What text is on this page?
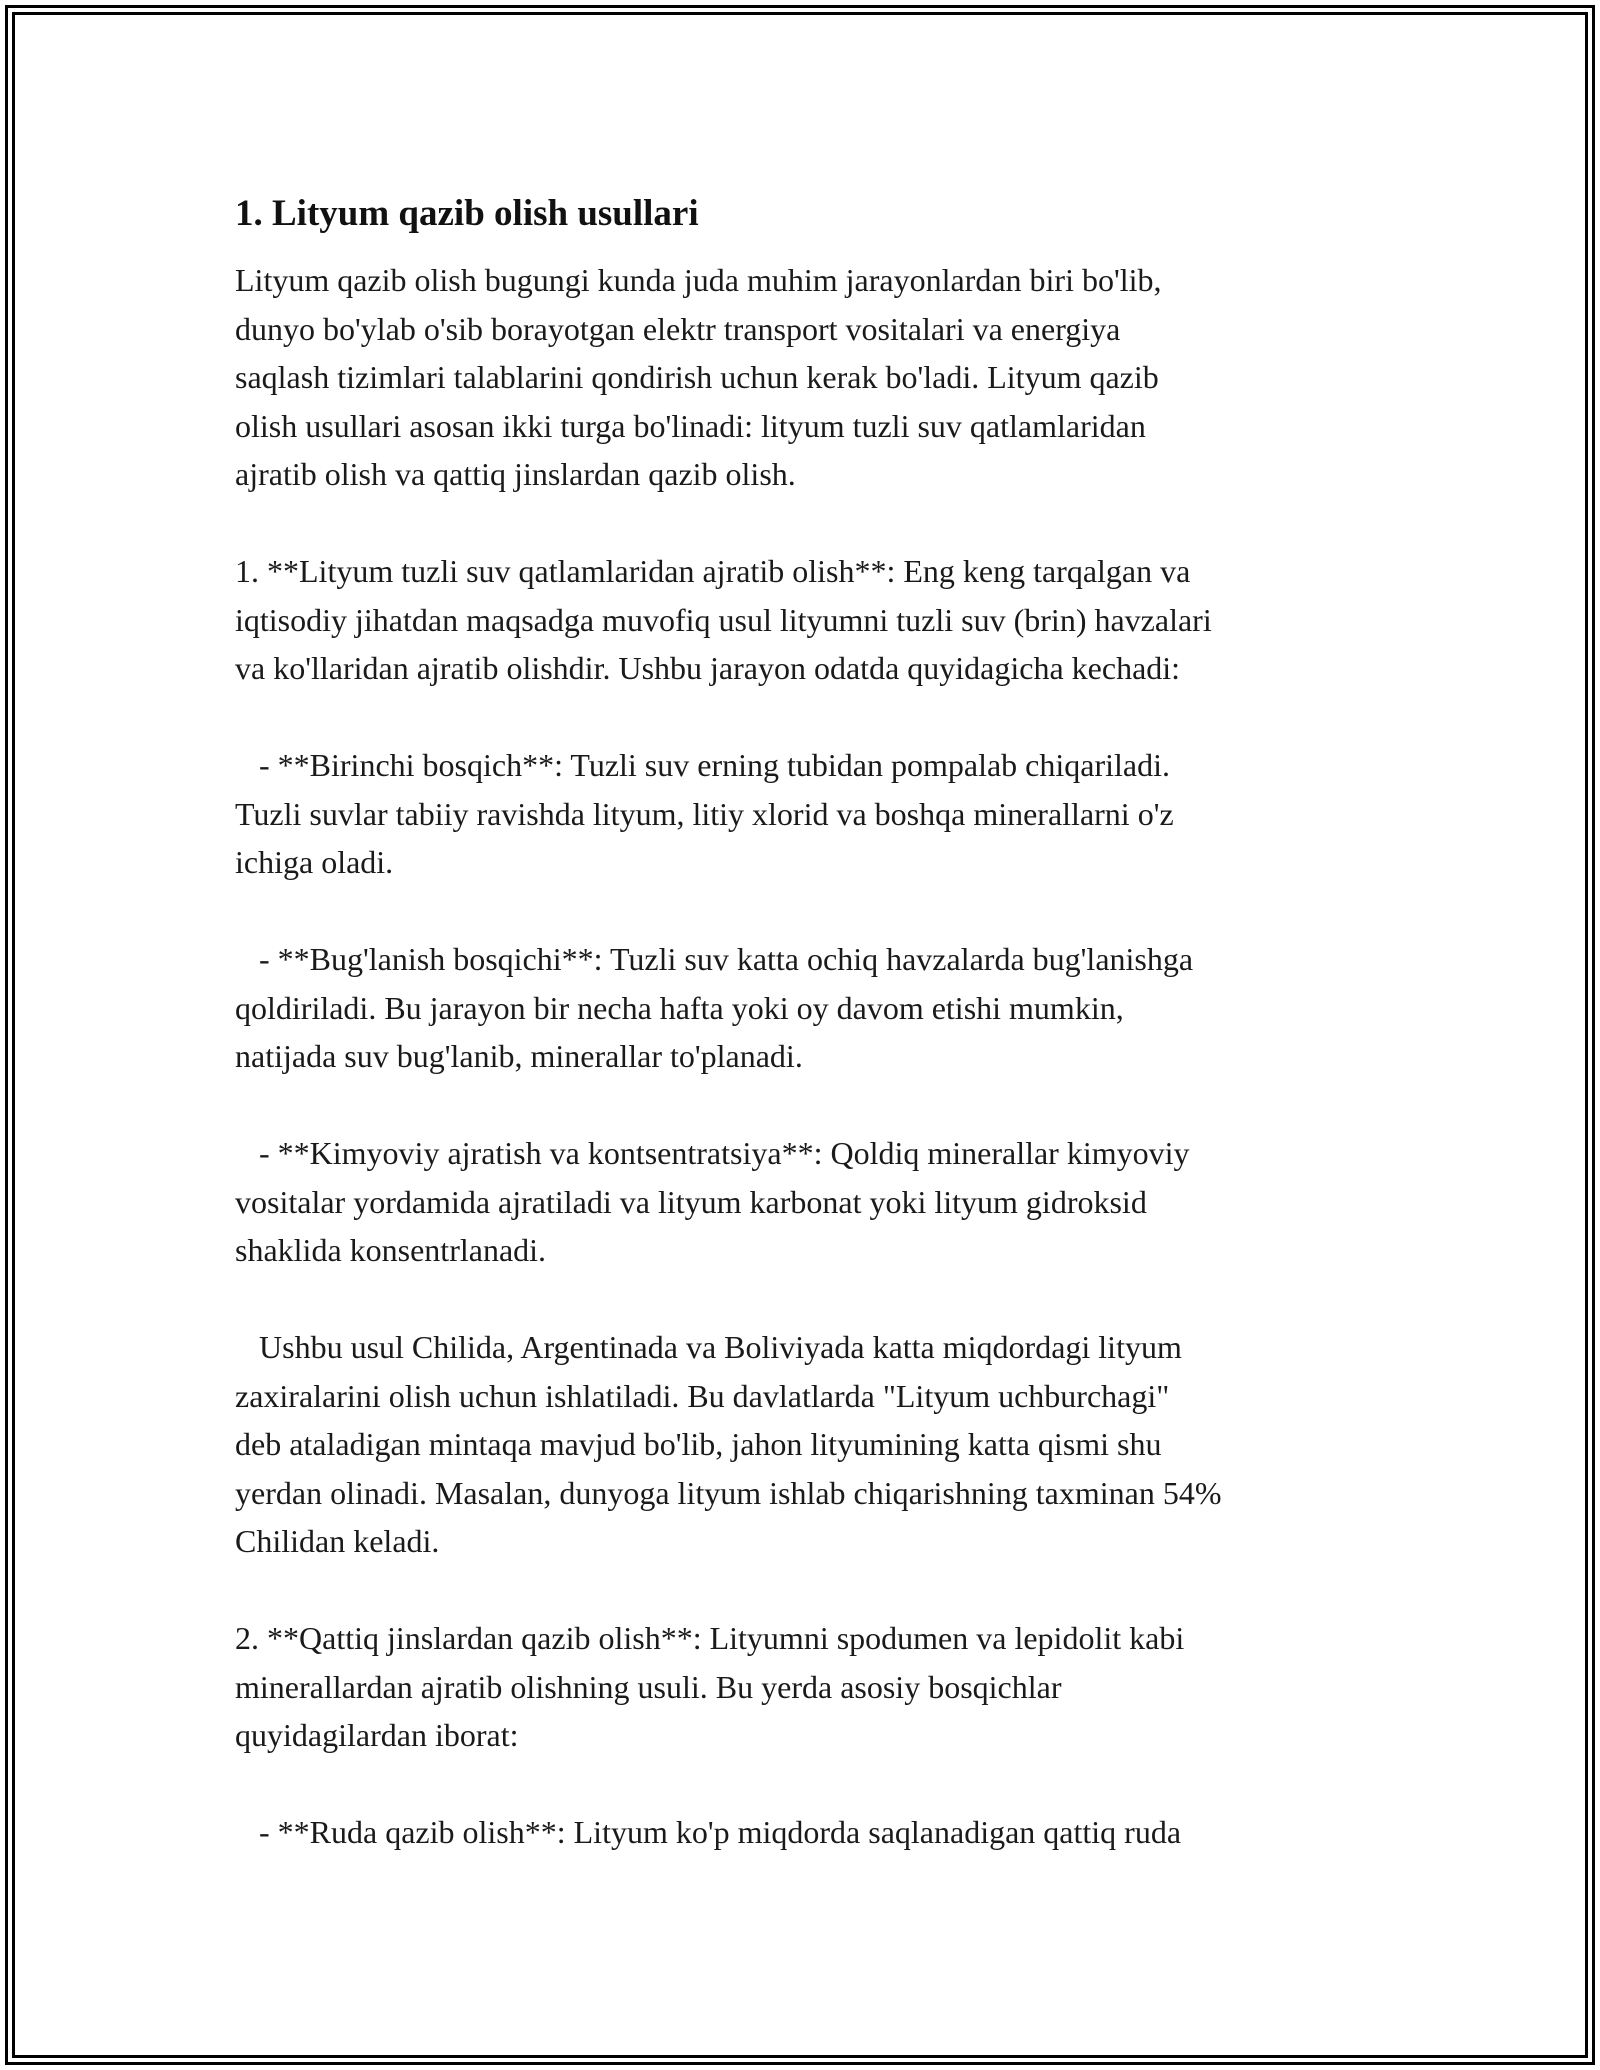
1. Lityum qazib olish usullari

Lityum qazib olish bugungi kunda juda muhim jarayonlardan biri bo'lib,
dunyo bo'ylab o'sib borayotgan elektr transport vositalari va energiya
saqlash tizimlari talablarini qondirish uchun kerak bo'ladi. Lityum qazib
olish usullari asosan ikki turga bo'linadi: lityum tuzli suv qatlamlaridan
ajratib olish va qattiq jinslardan qazib olish.

1. **Lityum tuzli suv qatlamlaridan ajratib olish**: Eng keng tarqalgan va
iqtisodiy jihatdan maqsadga muvofiq usul lityumni tuzli suv (brin) havzalari
va ko'llaridan ajratib olishdir. Ushbu jarayon odatda quyidagicha kechadi:

- **Birinchi bosqich**: Tuzli suv erning tubidan pompalab chiqariladi.
Tuzli suvlar tabiiy ravishda lityum, litiy xlorid va boshqa minerallarni o'z
ichiga oladi.

- **Bug'lanish bosqichi**: Tuzli suv katta ochiq havzalarda bug'lanishga
qoldiriladi. Bu jarayon bir necha hafta yoki oy davom etishi mumkin,
natijada suv bug'lanib, minerallar to'planadi.

- **Kimyoviy ajratish va kontsentratsiya**: Qoldiq minerallar kimyoviy
vositalar yordamida ajratiladi va lityum karbonat yoki lityum gidroksid
shaklida konsentrlanadi.

Ushbu usul Chilida, Argentinada va Boliviyada katta miqdordagi lityum
zaxiralarini olish uchun ishlatiladi. Bu davlatlarda "Lityum uchburchagi"
deb ataladigan mintaqa mavjud bo'lib, jahon lityumining katta qismi shu
yerdan olinadi. Masalan, dunyoga lityum ishlab chiqarishning taxminan 54%
Chilidan keladi.

2. **Qattiq jinslardan qazib olish**: Lityumni spodumen va lepidolit kabi
minerallardan ajratib olishning usuli. Bu yerda asosiy bosqichlar
quyidagilardan iborat:

- **Ruda qazib olish**: Lityum ko'p miqdorda saqlanadigan qattiq ruda
